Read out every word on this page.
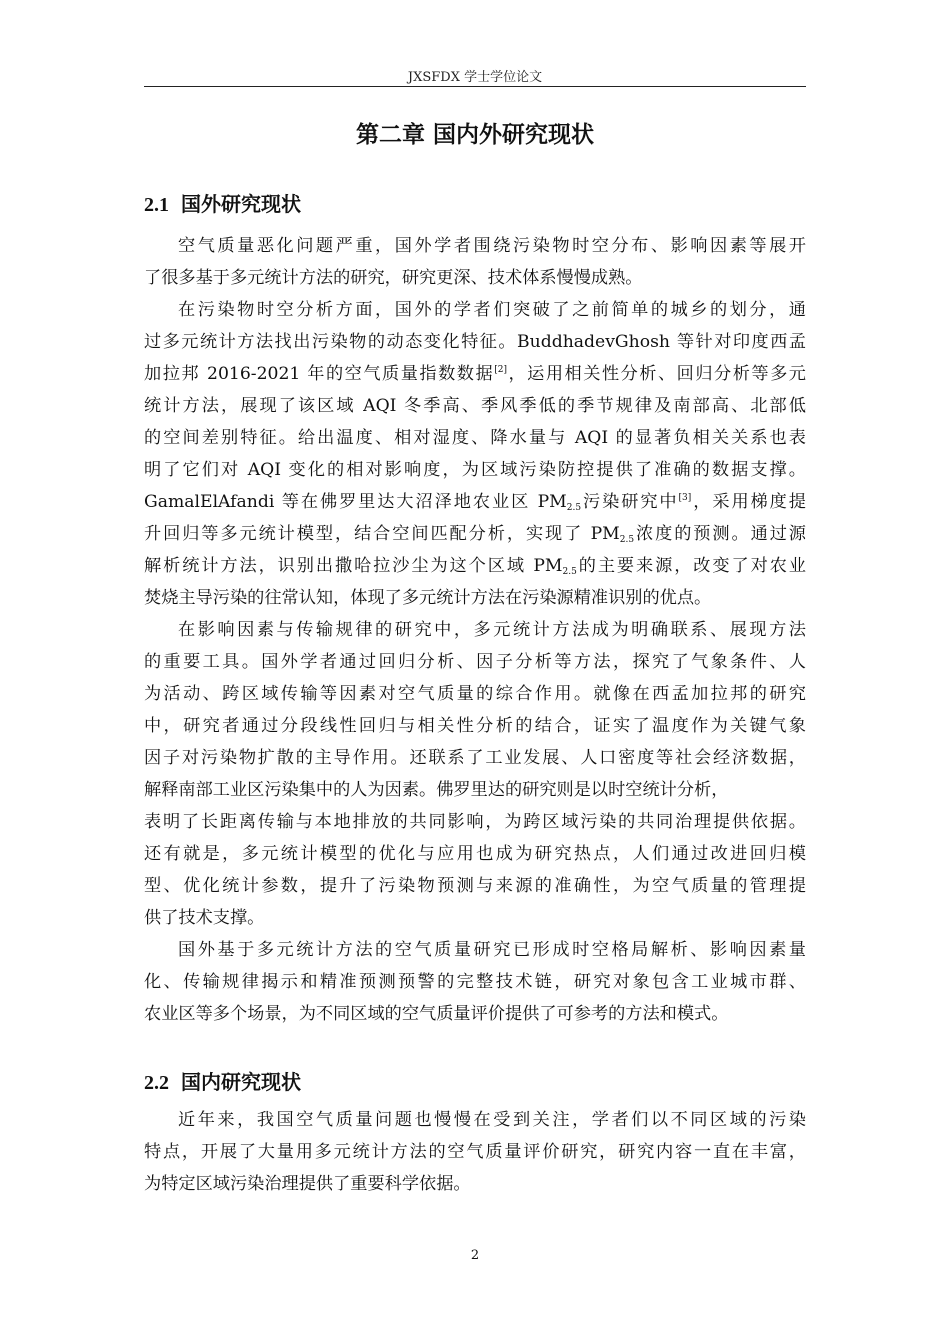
JXSFDX 学士学位论文
第二章 国内外研究现状
2.1 国外研究现状
空气质量恶化问题严重，国外学者围绕污染物时空分布、影响因素等展开
了很多基于多元统计方法的研究，研究更深、技术体系慢慢成熟。
在污染物时空分析方面，国外的学者们突破了之前简单的城乡的划分，通
过多元统计方法找出污染物的动态变化特征。BuddhadevGhosh 等针对印度西孟
加拉邦 2016-2021 年的空气质量指数数据[2]，运用相关性分析、回归分析等多元
统计方法，展现了该区域 AQI 冬季高、季风季低的季节规律及南部高、北部低
的空间差别特征。给出温度、相对湿度、降水量与 AQI 的显著负相关关系也表
明了它们对 AQI 变化的相对影响度，为区域污染防控提供了准确的数据支撑。
GamalElAfandi 等在佛罗里达大沼泽地农业区 $PM_{2.5}$污染研究中[3]，采用梯度提
升回归等多元统计模型，结合空间匹配分析，实现了 $PM_{2.5}$浓度的预测。通过源
解析统计方法，识别出撒哈拉沙尘为这个区域 $PM_{2.5}$的主要来源，改变了对农业
焚烧主导污染的往常认知，体现了多元统计方法在污染源精准识别的优点。
在影响因素与传输规律的研究中，多元统计方法成为明确联系、展现方法
的重要工具。国外学者通过回归分析、因子分析等方法，探究了气象条件、人
为活动、跨区域传输等因素对空气质量的综合作用。就像在西孟加拉邦的研究
中，研究者通过分段线性回归与相关性分析的结合，证实了温度作为关键气象
因子对污染物扩散的主导作用。还联系了工业发展、人口密度等社会经济数据，
解释南部工业区污染集中的人为因素。佛罗里达的研究则是以时空统计分析，
表明了长距离传输与本地排放的共同影响，为跨区域污染的共同治理提供依据。
还有就是，多元统计模型的优化与应用也成为研究热点，人们通过改进回归模
型、优化统计参数，提升了污染物预测与来源的准确性，为空气质量的管理提
供了技术支撑。
国外基于多元统计方法的空气质量研究已形成时空格局解析、影响因素量
化、传输规律揭示和精准预测预警的完整技术链，研究对象包含工业城市群、
农业区等多个场景，为不同区域的空气质量评价提供了可参考的方法和模式。
2.2 国内研究现状
近年来，我国空气质量问题也慢慢在受到关注，学者们以不同区域的污染
特点，开展了大量用多元统计方法的空气质量评价研究，研究内容一直在丰富，
为特定区域污染治理提供了重要科学依据。
2
